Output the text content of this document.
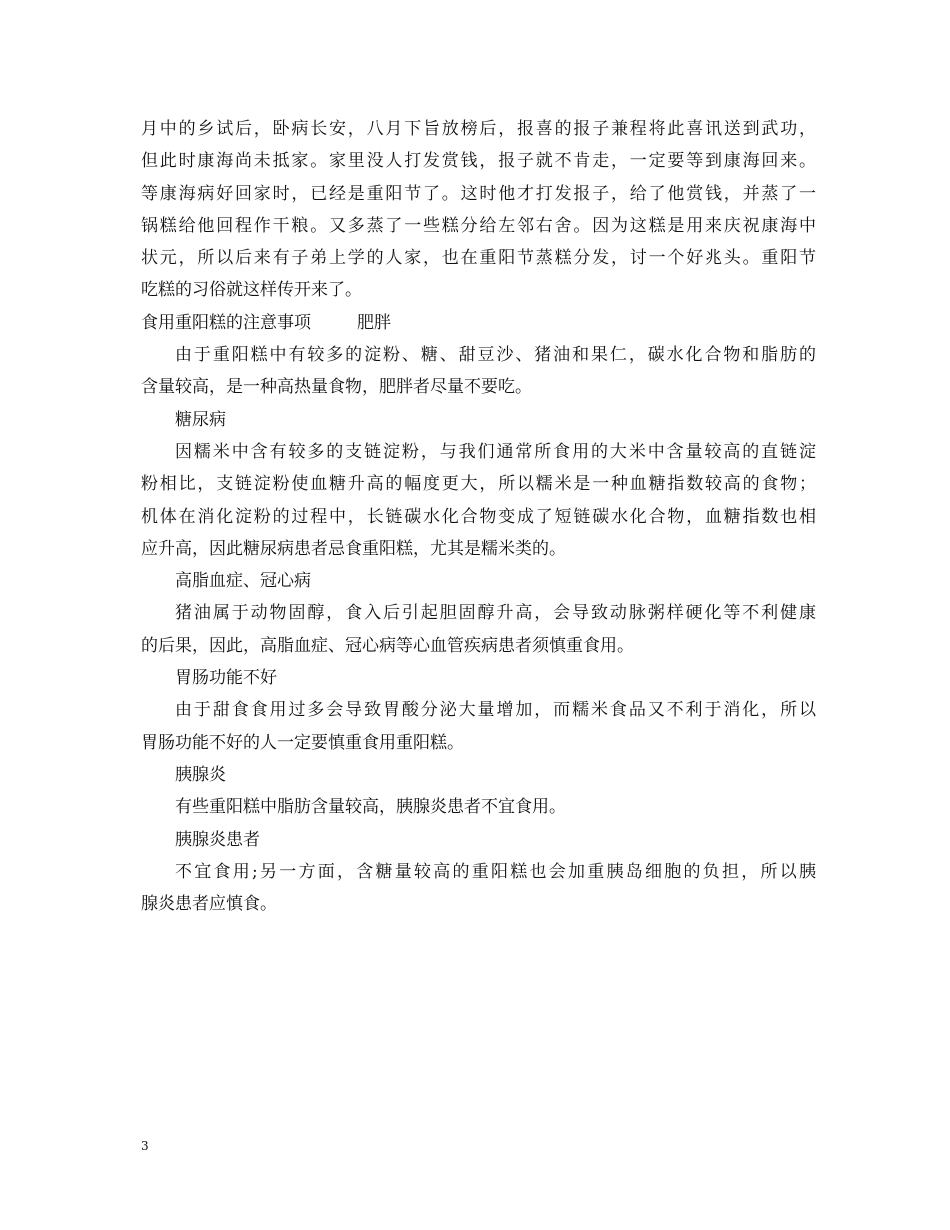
月中的乡试后，卧病长安，八月下旨放榜后，报喜的报子兼程将此喜讯送到武功，
但此时康海尚未抵家。家里没人打发赏钱，报子就不肯走，一定要等到康海回来。
等康海病好回家时，已经是重阳节了。这时他才打发报子，给了他赏钱，并蒸了一
锅糕给他回程作干粮。又多蒸了一些糕分给左邻右舍。因为这糕是用来庆祝康海中
状元，所以后来有子弟上学的人家，也在重阳节蒸糕分发，讨一个好兆头。重阳节
吃糕的习俗就这样传开来了。
食用重阳糕的注意事项	肥胖
由于重阳糕中有较多的淀粉、糖、甜豆沙、猪油和果仁，碳水化合物和脂肪的
含量较高，是一种高热量食物，肥胖者尽量不要吃。
糖尿病
因糯米中含有较多的支链淀粉，与我们通常所食用的大米中含量较高的直链淀
粉相比，支链淀粉使血糖升高的幅度更大，所以糯米是一种血糖指数较高的食物；
机体在消化淀粉的过程中，长链碳水化合物变成了短链碳水化合物，血糖指数也相
应升高，因此糖尿病患者忌食重阳糕，尤其是糯米类的。
高脂血症、冠心病
猪油属于动物固醇，食入后引起胆固醇升高，会导致动脉粥样硬化等不利健康
的后果，因此，高脂血症、冠心病等心血管疾病患者须慎重食用。
胃肠功能不好
由于甜食食用过多会导致胃酸分泌大量增加，而糯米食品又不利于消化，所以
胃肠功能不好的人一定要慎重食用重阳糕。
胰腺炎
有些重阳糕中脂肪含量较高，胰腺炎患者不宜食用。
胰腺炎患者
不宜食用;另一方面，含糖量较高的重阳糕也会加重胰岛细胞的负担，所以胰
腺炎患者应慎食。
3
